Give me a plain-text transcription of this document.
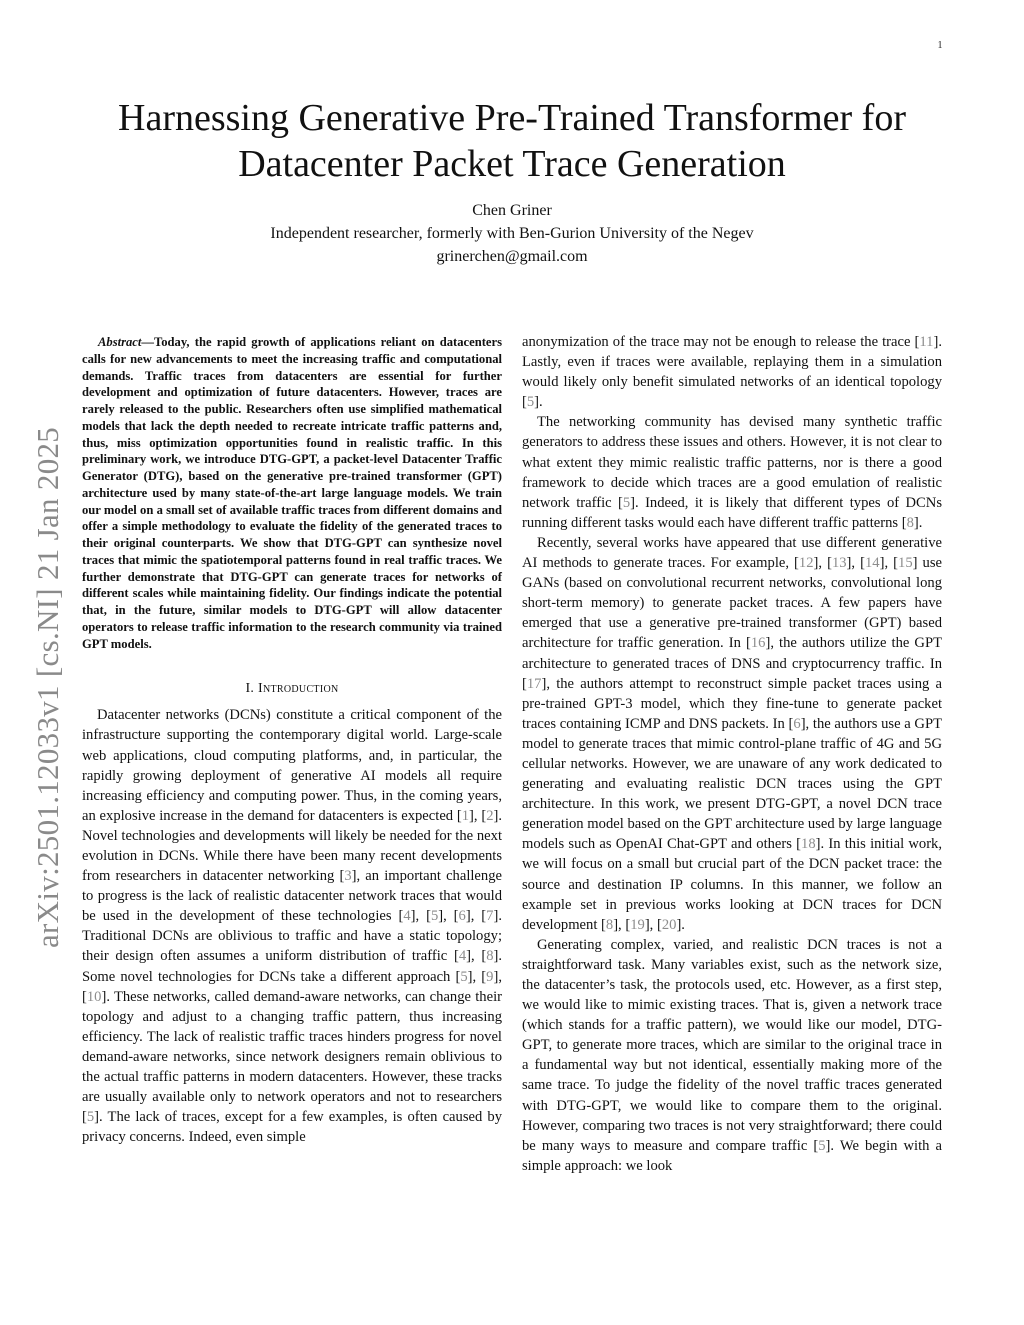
1
arXiv:2501.12033v1 [cs.NI] 21 Jan 2025
Harnessing Generative Pre-Trained Transformer for
Datacenter Packet Trace Generation
Chen Griner
Independent researcher, formerly with Ben-Gurion University of the Negev
grinerchen@gmail.com

Abstract—Today, the rapid growth of applications reliant on datacenters calls for new advancements to meet the increasing traffic and computational demands. Traffic traces from datacenters are essential for further development and optimization of future datacenters. However, traces are rarely released to the public. Researchers often use simplified mathematical models that lack the depth needed to recreate intricate traffic patterns and, thus, miss optimization opportunities found in realistic traffic. In this preliminary work, we introduce DTG-GPT, a packet-level Datacenter Traffic Generator (DTG), based on the generative pre-trained transformer (GPT) architecture used by many state-of-the-art large language models. We train our model on a small set of available traffic traces from different domains and offer a simple methodology to evaluate the fidelity of the generated traces to their original counterparts. We show that DTG-GPT can synthesize novel traces that mimic the spatiotemporal patterns found in real traffic traces. We further demonstrate that DTG-GPT can generate traces for networks of different scales while maintaining fidelity. Our findings indicate the potential that, in the future, similar models to DTG-GPT will allow datacenter operators to release traffic information to the research community via trained GPT models.

I. Introduction

Datacenter networks (DCNs) constitute a critical component of the infrastructure supporting the contemporary digital world. Large-scale web applications, cloud computing platforms, and, in particular, the rapidly growing deployment of generative AI models all require increasing efficiency and computing power. Thus, in the coming years, an explosive increase in the demand for datacenters is expected [1], [2]. Novel technologies and developments will likely be needed for the next evolution in DCNs. While there have been many recent developments from researchers in datacenter networking [3], an important challenge to progress is the lack of realistic datacenter network traces that would be used in the development of these technologies [4], [5], [6], [7]. Traditional DCNs are oblivious to traffic and have a static topology; their design often assumes a uniform distribution of traffic [4], [8]. Some novel technologies for DCNs take a different approach [5], [9], [10]. These networks, called demand-aware networks, can change their topology and adjust to a changing traffic pattern, thus increasing efficiency. The lack of realistic traffic traces hinders progress for novel demand-aware networks, since network designers remain oblivious to the actual traffic patterns in modern datacenters. However, these tracks are usually available only to network operators and not to researchers [5]. The lack of traces, except for a few examples, is often caused by privacy concerns. Indeed, even simple

anonymization of the trace may not be enough to release the trace [11]. Lastly, even if traces were available, replaying them in a simulation would likely only benefit simulated networks of an identical topology [5].

The networking community has devised many synthetic traffic generators to address these issues and others. However, it is not clear to what extent they mimic realistic traffic patterns, nor is there a good framework to decide which traces are a good emulation of realistic network traffic [5]. Indeed, it is likely that different types of DCNs running different tasks would each have different traffic patterns [8].

Recently, several works have appeared that use different generative AI methods to generate traces. For example, [12], [13], [14], [15] use GANs (based on convolutional recurrent networks, convolutional long short-term memory) to generate packet traces. A few papers have emerged that use a generative pre-trained transformer (GPT) based architecture for traffic generation. In [16], the authors utilize the GPT architecture to generated traces of DNS and cryptocurrency traffic. In [17], the authors attempt to reconstruct simple packet traces using a pre-trained GPT-3 model, which they fine-tune to generate packet traces containing ICMP and DNS packets. In [6], the authors use a GPT model to generate traces that mimic control-plane traffic of 4G and 5G cellular networks. However, we are unaware of any work dedicated to generating and evaluating realistic DCN traces using the GPT architecture. In this work, we present DTG-GPT, a novel DCN trace generation model based on the GPT architecture used by large language models such as OpenAI Chat-GPT and others [18]. In this initial work, we will focus on a small but crucial part of the DCN packet trace: the source and destination IP columns. In this manner, we follow an example set in previous works looking at DCN traces for DCN development [8], [19], [20].

Generating complex, varied, and realistic DCN traces is not a straightforward task. Many variables exist, such as the network size, the datacenter’s task, the protocols used, etc. However, as a first step, we would like to mimic existing traces. That is, given a network trace (which stands for a traffic pattern), we would like our model, DTG-GPT, to generate more traces, which are similar to the original trace in a fundamental way but not identical, essentially making more of the same trace. To judge the fidelity of the novel traffic traces generated with DTG-GPT, we would like to compare them to the original. However, comparing two traces is not very straightforward; there could be many ways to measure and compare traffic [5]. We begin with a simple approach: we look
